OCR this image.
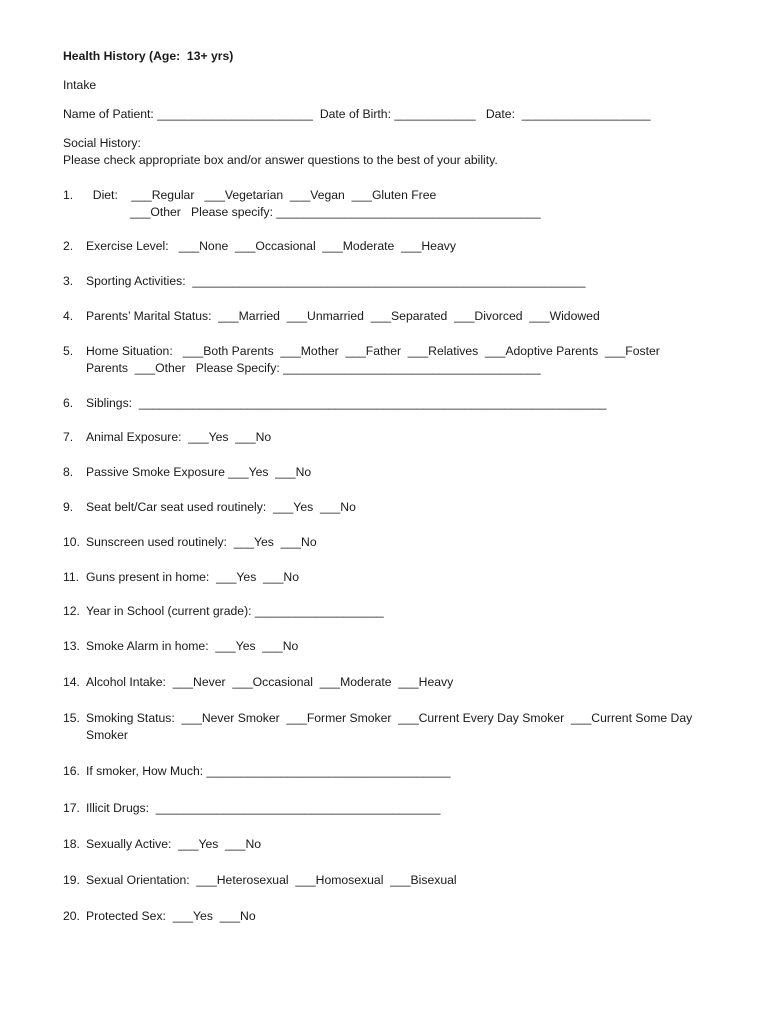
Health History (Age:  13+ yrs)
Intake
Name of Patient: _______________________  Date of Birth: ____________   Date:  ___________________
Social History:
Please check appropriate box and/or answer questions to the best of your ability.
1.  Diet:    ___Regular   ___Vegetarian  ___Vegan  ___Gluten Free
___Other   Please specify: _______________________________________
2. Exercise Level:   ___None  ___Occasional  ___Moderate  ___Heavy
3. Sporting Activities:  __________________________________________________________
4. Parents’ Marital Status:  ___Married  ___Unmarried  ___Separated  ___Divorced  ___Widowed
5. Home Situation:   ___Both Parents  ___Mother  ___Father  ___Relatives  ___Adoptive Parents  ___Foster
Parents  ___Other   Please Specify: ______________________________________
6. Siblings:  _____________________________________________________________________
7. Animal Exposure:  ___Yes  ___No
8. Passive Smoke Exposure ___Yes  ___No
9. Seat belt/Car seat used routinely:  ___Yes  ___No
10. Sunscreen used routinely:  ___Yes  ___No
11. Guns present in home:  ___Yes  ___No
12. Year in School (current grade): ___________________
13. Smoke Alarm in home:  ___Yes  ___No
14. Alcohol Intake:  ___Never  ___Occasional  ___Moderate  ___Heavy
15. Smoking Status:  ___Never Smoker  ___Former Smoker  ___Current Every Day Smoker  ___Current Some Day
Smoker
16. If smoker, How Much: ____________________________________
17. Illicit Drugs:  __________________________________________
18. Sexually Active:  ___Yes  ___No
19. Sexual Orientation:  ___Heterosexual  ___Homosexual  ___Bisexual
20. Protected Sex:  ___Yes  ___No
